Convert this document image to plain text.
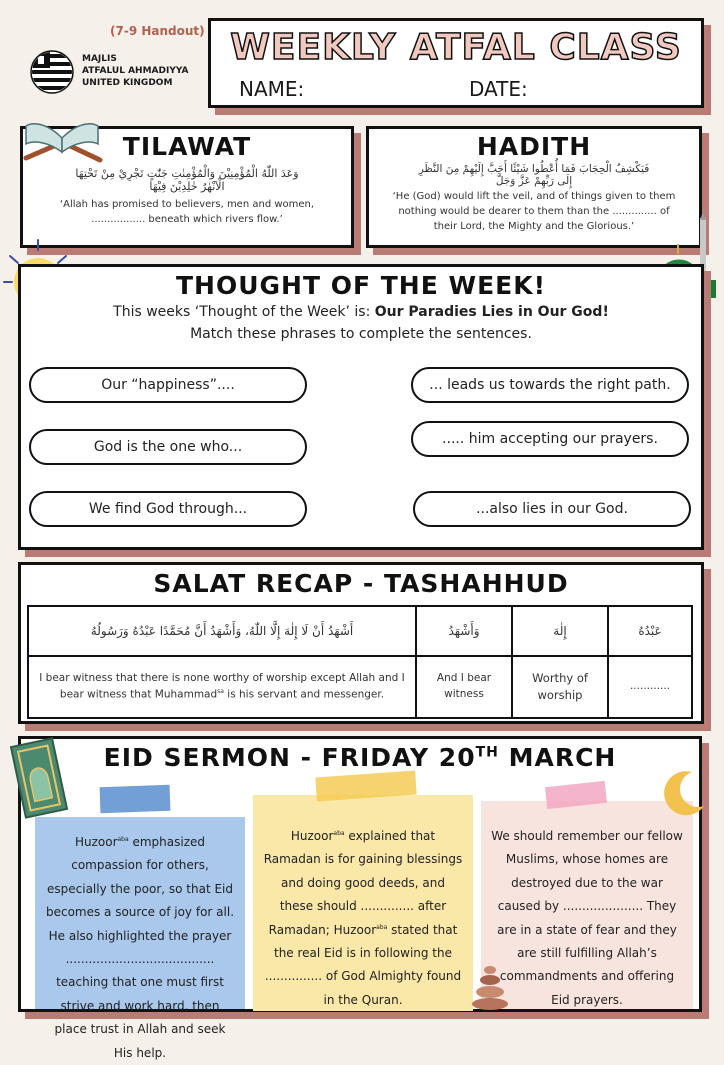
(7-9 Handout)
MAJLIS
ATFALUL AHMADIYYA
UNITED KINGDOM
WEEKLY ATFAL CLASS
NAME:	DATE:
TILAWAT
وَعَدَ اللّٰهُ الْمُؤْمِنِيْنَ وَالْمُؤْمِنٰتِ جَنّٰتٍ تَجْرِيْ مِنْ تَحْتِهَا
الْاَنْهٰرُ خٰلِدِيْنَ فِيْهَا
‘Allah has promised to believers, men and women,
................. beneath which rivers flow.’
HADITH
فَيَكْشِفُ الْحِجَابَ فَمَا أُعْطُوا شَيْئًا أَحَبَّ إِلَيْهِمْ مِنَ النَّظَرِ
إِلَى رَبِّهِمْ عَزَّ وَجَلَّ
‘He (God) would lift the veil, and of things given to them
nothing would be dearer to them than the .............. of
their Lord, the Mighty and the Glorious.’
THOUGHT OF THE WEEK!
This weeks ‘Thought of the Week’ is: Our Paradies Lies in Our God!
Match these phrases to complete the sentences.
Our “happiness”....
God is the one who...
We find God through...
... leads us towards the right path.
..... him accepting our prayers.
...also lies in our God.
SALAT RECAP - TASHAHHUD
أَشْهَدُ أَنْ لَا إِلٰهَ إِلَّا اللّٰهُ، وَأَشْهَدُ أَنَّ مُحَمَّدًا عَبْدُهُ وَرَسُولُهُ	وَأَشْهَدُ	إِلٰهَ	عَبْدُهُ
I bear witness that there is none worthy of worship except Allah and I
bear witness that Muhammad$^{sa}$ is his servant and messenger.	And I bear witness	Worthy of worship	............
EID SERMON - FRIDAY 20TH MARCH
Huzoor$^{aba}$ emphasized compassion for others, especially the poor, so that Eid becomes a source of joy for all. He also highlighted the prayer ....................................... teaching that one must first strive and work hard, then place trust in Allah and seek His help.
Huzoor$^{aba}$ explained that Ramadan is for gaining blessings and doing good deeds, and these should .............. after Ramadan; Huzoor$^{aba}$ stated that the real Eid is in following the ............... of God Almighty found in the Quran.
We should remember our fellow Muslims, whose homes are destroyed due to the war caused by ..................... They are in a state of fear and they are still fulfilling Allah’s commandments and offering Eid prayers.
